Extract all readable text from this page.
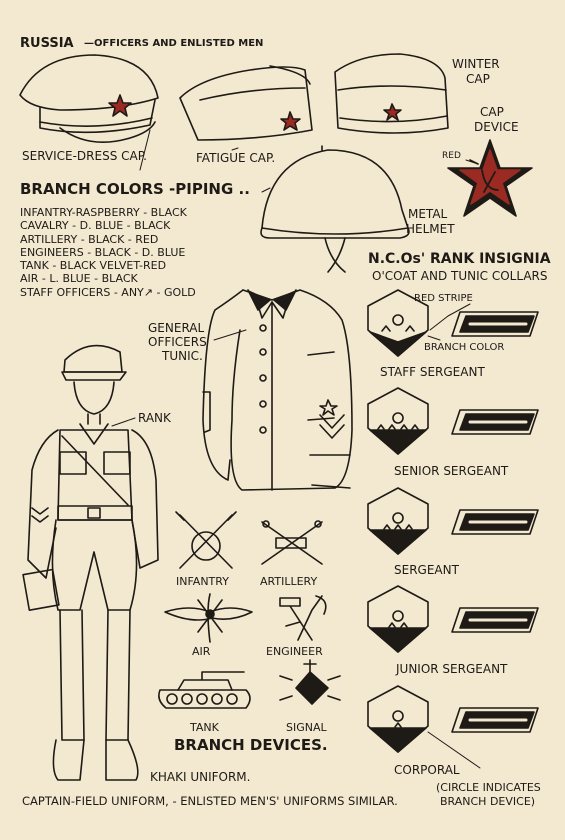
RUSSIA —OFFICERS AND ENLISTED MEN
SERVICE-DRESS CAP.	FATIGUE CAP.
WINTER
CAP
CAP
DEVICE
RED
METAL
HELMET
BRANCH COLORS -PIPING ..
INFANTRY-RASPBERRY - BLACK
CAVALRY - D. BLUE - BLACK
ARTILLERY - BLACK - RED
ENGINEERS - BLACK - D. BLUE
TANK - BLACK VELVET-RED
AIR - L. BLUE - BLACK
STAFF OFFICERS - ANY↗ - GOLD
GENERAL
OFFICERS
TUNIC.
RANK
KHAKI UNIFORM.
INFANTRY	ARTILLERY
AIR	ENGINEER
TANK	SIGNAL
BRANCH DEVICES.
N.C.Os' RANK INSIGNIA
O'COAT AND TUNIC COLLARS
RED STRIPE
BRANCH COLOR
STAFF SERGEANT
SENIOR SERGEANT
SERGEANT
JUNIOR SERGEANT
CORPORAL
(CIRCLE INDICATES
BRANCH DEVICE)
CAPTAIN-FIELD UNIFORM, - ENLISTED MEN'S' UNIFORMS SIMILAR.
